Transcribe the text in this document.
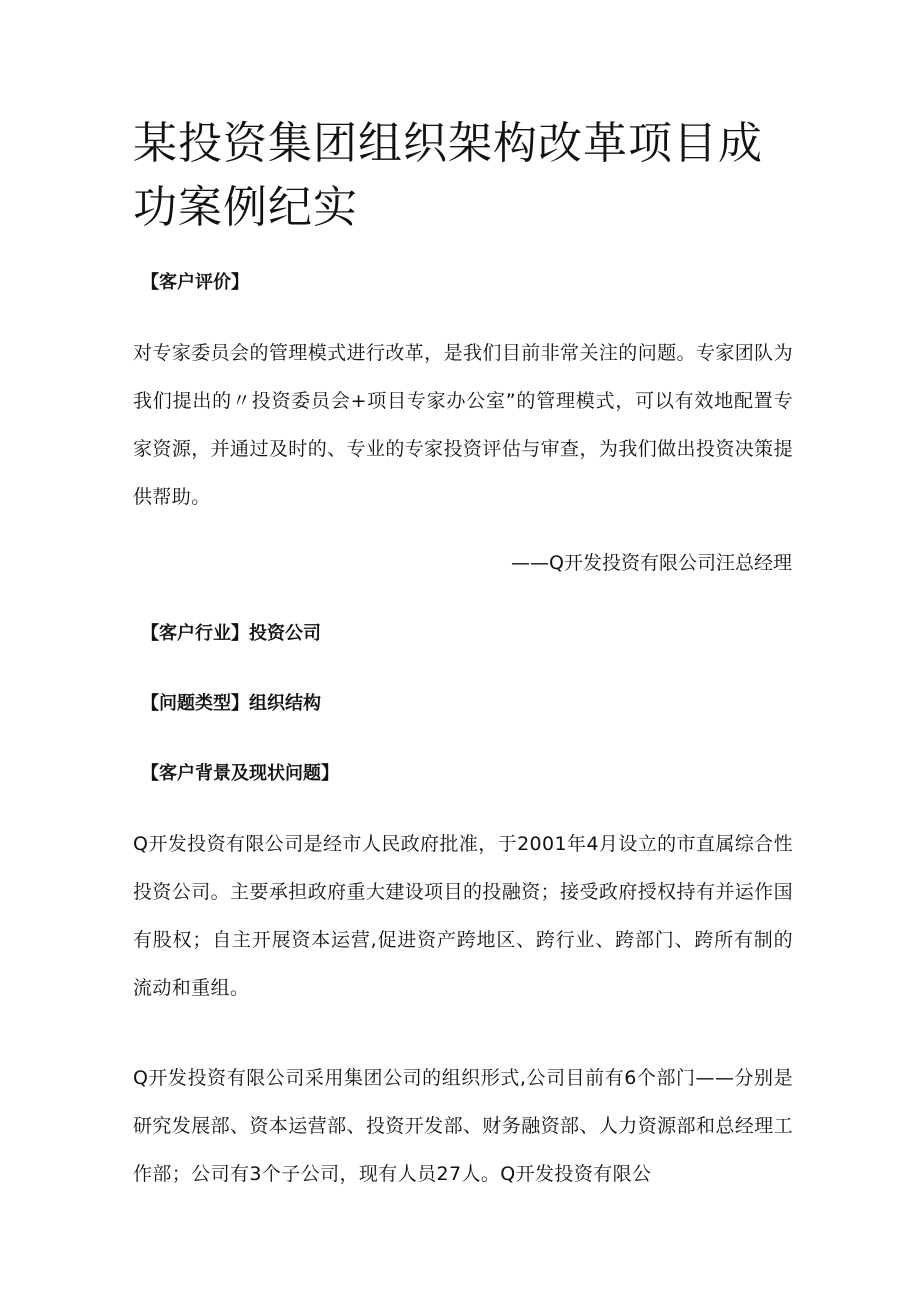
某投资集团组织架构改革项目成功案例纪实

【客户评价】

对专家委员会的管理模式进行改革，是我们目前非常关注的问题。专家团队为我们提出的〃投资委员会+项目专家办公室”的管理模式，可以有效地配置专家资源，并通过及时的、专业的专家投资评估与审查，为我们做出投资决策提供帮助。

——Q开发投资有限公司汪总经理

【客户行业】投资公司

【问题类型】组织结构

【客户背景及现状问题】

Q开发投资有限公司是经市人民政府批准，于2001年4月设立的市直属综合性投资公司。主要承担政府重大建设项目的投融资；接受政府授权持有并运作国有股权；自主开展资本运营,促进资产跨地区、跨行业、跨部门、跨所有制的流动和重组。

Q开发投资有限公司采用集团公司的组织形式,公司目前有6个部门——分别是研究发展部、资本运营部、投资开发部、财务融资部、人力资源部和总经理工作部；公司有3个子公司，现有人员27人。Q开发投资有限公
